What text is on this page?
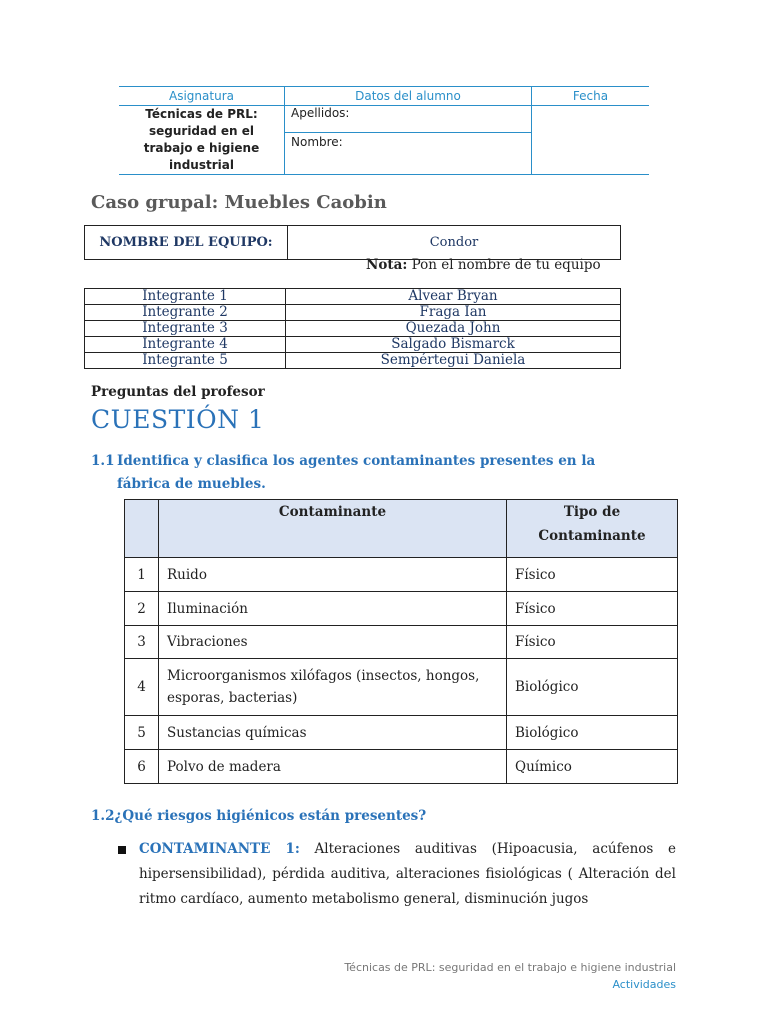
Asignatura	Datos del alumno	Fecha
Técnicas de PRL: seguridad en el trabajo e higiene industrial	Apellidos:	
	Nombre:	
Caso grupal: Muebles Caobin
NOMBRE DEL EQUIPO:	Condor
Nota: Pon el nombre de tu equipo
Integrante 1	Alvear Bryan
Integrante 2	Fraga Ian
Integrante 3	Quezada John
Integrante 4	Salgado Bismarck
Integrante 5	Sempértegui Daniela
Preguntas del profesor
CUESTIÓN 1
1.1 Identifica y clasifica los agentes contaminantes presentes en la
fábrica de muebles.
	Contaminante	Tipo de Contaminante
1	Ruido	Físico
2	Iluminación	Físico
3	Vibraciones	Físico
4	Microorganismos xilófagos (insectos, hongos, esporas, bacterias)	Biológico
5	Sustancias químicas	Biológico
6	Polvo de madera	Químico
1.2¿Qué riesgos higiénicos están presentes?
CONTAMINANTE 1: Alteraciones auditivas (Hipoacusia, acúfenos e hipersensibilidad), pérdida auditiva, alteraciones fisiológicas ( Alteración del ritmo cardíaco, aumento metabolismo general, disminución jugos
Técnicas de PRL: seguridad en el trabajo e higiene industrial
Actividades
